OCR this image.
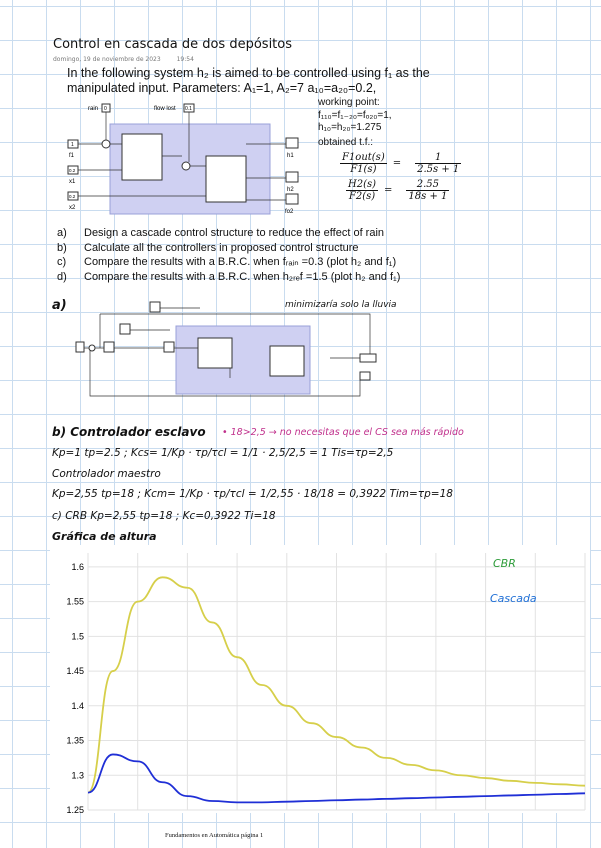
Control en cascada de dos depósitos
domingo, 19 de noviembre de 2023	19:54
In the following system h₂ is aimed to be controlled using f₁ as the
manipulated input. Parameters: A₁=1, A₂=7 a₁₀=a₂₀=0.2,
rain 0	flow lost 0.1
1
f1
0.2
x1
0.2
x2
h1
h2
fo2
working point:
f₁₁₀=f₁₋₂₀=fₒ₂₀=1,
h₁₀=h₂₀=1.275
obtained t.f.:
$\frac{\text{F1out(s)}}{F1(s)} = \frac{1}{2.5s + 1}$
$\frac{H2(s)}{F2(s)} = \frac{2.55}{18s + 1}$
a)	Design a cascade control structure to reduce the effect of rain
b)	Calculate all the controllers in proposed control structure
c)	Compare the results with a B.R.C. when fᵣₐᵢₙ =0.3 (plot h₂ and f₁)
d)	Compare the results with a B.R.C. when h₂ᵣₑf =1.5 (plot h₂ and f₁)
a)	minimizaría solo la lluvia
b) Controlador esclavo • 18>2,5 → no necesitas que el CS sea más rápido
Kp=1 tp=2.5 ; Kcs= 1/Kp · τp/τcl = 1/1 · 2,5/2,5 = 1 Tis=τp=2,5
Controlador maestro
Kp=2,55 tp=18 ; Kcm= 1/Kp · τp/τcl = 1/2,55 · 18/18 = 0,3922 Tim=τp=18
c) CRB Kp=2,55 tp=18 ; Kc=0,3922 Ti=18
Gráfica de altura
1.6
1.55
1.5
1.45
1.4
1.35
1.3
1.25
CBR
Cascada
Fundamentos en Automática página 1
